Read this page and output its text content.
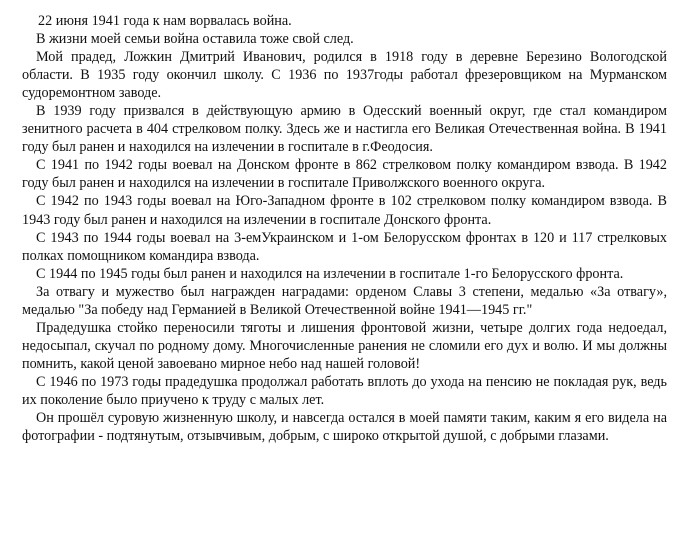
22 июня 1941 года к нам ворвалась война.

В жизни моей семьи война оставила тоже свой след.

Мой прадед, Ложкин Дмитрий Иванович, родился в 1918 году в деревне Березино Вологодской области. В 1935 году окончил школу. С 1936 по 1937годы работал фрезеровщиком на Мурманском судоремонтном заводе.

В 1939 году призвался в действующую армию в Одесский военный округ, где стал командиром зенитного расчета в 404 стрелковом полку. Здесь же и настигла его Великая Отечественная война. В 1941 году был ранен и находился на излечении в госпитале в г.Феодосия.

С 1941 по 1942 годы воевал на Донском фронте в 862 стрелковом полку командиром взвода. В 1942 году был ранен и находился на излечении в госпитале Приволжского военного округа.

С 1942 по 1943 годы воевал на Юго-Западном фронте в 102 стрелковом полку командиром взвода. В 1943 году был ранен и находился на излечении в госпитале Донского фронта.

С 1943 по 1944 годы воевал на 3-емУкраинском и 1-ом Белорусском фронтах в 120 и 117 стрелковых полках помощником командира взвода.

С 1944 по 1945 годы был ранен и находился на излечении в госпитале 1-го Белорусского фронта.

За отвагу и мужество был награжден наградами: орденом Славы 3 степени, медалью «За отвагу», медалью "За победу над Германией в Великой Отечественной войне 1941—1945 гг."

Прадедушка стойко переносили тяготы и лишения фронтовой жизни, четыре долгих года недоедал, недосыпал, скучал по родному дому. Многочисленные ранения не сломили его дух и волю. И мы должны помнить, какой ценой завоевано мирное небо над нашей головой!

С 1946 по 1973 годы прадедушка продолжал работать вплоть до ухода на пенсию не покладая рук, ведь их поколение было приучено к труду с малых лет.

Он прошёл суровую жизненную школу, и навсегда остался в моей памяти таким, каким я его видела на фотографии - подтянутым, отзывчивым, добрым, с широко открытой душой, с добрыми глазами.
